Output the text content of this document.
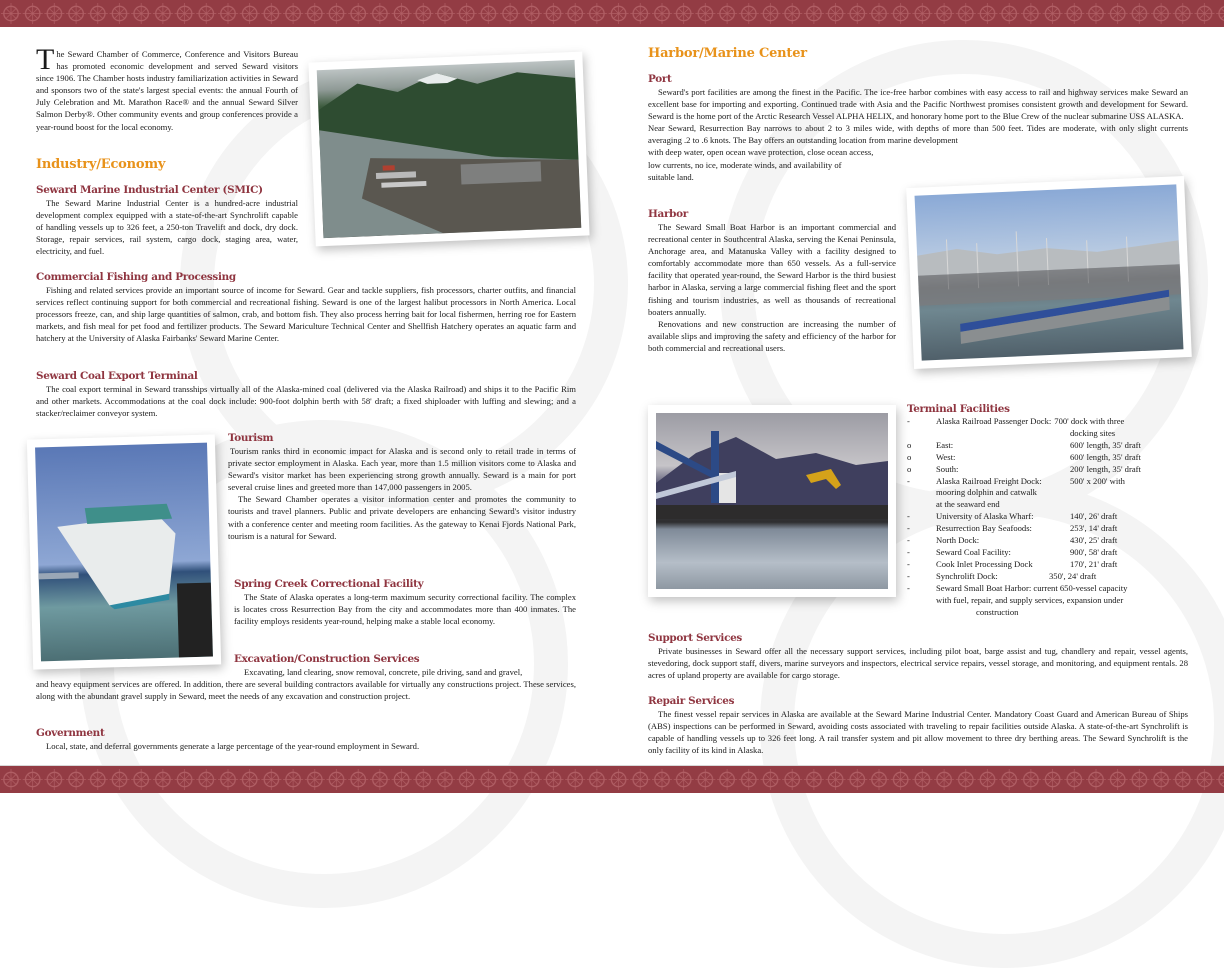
The Seward Chamber of Commerce, Conference and Visitors Bureau has promoted economic development and served Seward visitors since 1906. The Chamber hosts industry familiarization activities in Seward and sponsors two of the state's largest special events: the annual Fourth of July Celebration and Mt. Marathon Race® and the annual Seward Silver Salmon Derby®. Other community events and group conferences provide a year-round boost for the local economy.
Industry/Economy
Seward Marine Industrial Center (SMIC)

The Seward Marine Industrial Center is a hundred-acre industrial development complex equipped with a state-of-the-art Synchrolift capable of handling vessels up to 326 feet, a 250-ton Travelift and dock, dry dock. Storage, repair services, rail system, cargo dock, staging area, water, electricity, and fuel.

Commercial Fishing and Processing

Fishing and related services provide an important source of income for Seward. Gear and tackle suppliers, fish processors, charter outfits, and financial services reflect continuing support for both commercial and recreational fishing. Seward is one of the largest halibut processors in North America. Local processors freeze, can, and ship large quantities of salmon, crab, and bottom fish. They also process herring bait for local fishermen, herring roe for Eastern markets, and fish meal for pet food and fertilizer products. The Seward Mariculture Technical Center and Shellfish Hatchery operates an aquatic farm and hatchery at the University of Alaska Fairbanks' Seward Marine Center.

Seward Coal Export Terminal

The coal export terminal in Seward transships virtually all of the Alaska-mined coal (delivered via the Alaska Railroad) and ships it to the Pacific Rim and other markets. Accommodations at the coal dock include: 900-foot dolphin berth with 58' draft; a fixed shiploader with luffing and slewing; and a stacker/reclaimer conveyor system.

Tourism

Tourism ranks third in economic impact for Alaska and is second only to retail trade in terms of private sector employment in Alaska. Each year, more than 1.5 million visitors come to Alaska and Seward's visitor market has been experiencing strong growth annually. Seward is a main for port several cruise lines and greeted more than 147,000 passengers in 2005.

The Seward Chamber operates a visitor information center and promotes the community to tourists and travel planners. Public and private developers are enhancing Seward's visitor industry with a conference center and meeting room facilities. As the gateway to Kenai Fjords National Park, tourism is a natural for Seward.

Spring Creek Correctional Facility

The State of Alaska operates a long-term maximum security correctional facility. The complex is locates cross Resurrection Bay from the city and accommodates more than 400 inmates. The facility employs residents year-round, helping make a stable local economy.

Excavation/Construction Services

Excavating, land clearing, snow removal, concrete, pile driving, sand and gravel,

and heavy equipment services are offered. In addition, there are several building contractors available for virtually any constructions project. These services, along with the abundant gravel supply in Seward, meet the needs of any excavation and construction project.

Government

Local, state, and deferral governments generate a large percentage of the year-round employment in Seward.

Harbor/Marine Center
Port

Seward's port facilities are among the finest in the Pacific. The ice-free harbor combines with easy access to rail and highway services make Seward an excellent base for importing and exporting. Continued trade with Asia and the Pacific Northwest promises consistent growth and development for Seward. Seward is the home port of the Arctic Research Vessel ALPHA HELIX, and honorary home port to the Blue Crew of the nuclear submarine USS ALASKA.

Near Seward, Resurrection Bay narrows to about 2 to 3 miles wide, with depths of more than 500 feet. Tides are moderate, with only slight currents averaging .2 to .6 knots. The Bay offers an outstanding location from marine development

with deep water, open ocean wave protection, close ocean access,

low currents, no ice, moderate winds, and availability of

suitable land.

Harbor

The Seward Small Boat Harbor is an important commercial and recreational center in Southcentral Alaska, serving the Kenai Peninsula, Anchorage area, and Matanuska Valley with a facility designed to comfortably accommodate more than 650 vessels. As a full-service facility that operated year-round, the Seward Harbor is the third busiest harbor in Alaska, serving a large commercial fishing fleet and the sport fishing and tourism industries, as well as thousands of recreational boaters annually.

Renovations and new construction are increasing the number of available slips and improving the safety and efficiency of the harbor for both commercial and recreational users.

Terminal Facilities
-	Alaska Railroad Passenger Dock: 700' dock with three
docking sites
o	East:	600' length, 35' draft
o	West:	600' length, 35' draft
o	South:	200' length, 35' draft
-	Alaska Railroad Freight Dock:	500' x 200' with
mooring dolphin and catwalk
at the seaward end
-	University of Alaska Wharf:	140', 26' draft
-	Resurrection Bay Seafoods:	253', 14' draft
-	North Dock:	430', 25' draft
-	Seward Coal Facility:	900', 58' draft
-	Cook Inlet Processing Dock	170', 21' draft
-	Synchrolift Dock:	350', 24' draft
-	Seward Small Boat Harbor: current 650-vessel capacity
with fuel, repair, and supply services, expansion under
construction
Support Services

Private businesses in Seward offer all the necessary support services, including pilot boat, barge assist and tug, chandlery and repair, vessel agents, stevedoring, dock support staff, divers, marine surveyors and inspectors, electrical service repairs, vessel storage, and monitoring, and equipment rentals. 28 acres of upland property are available for cargo storage.

Repair Services

The finest vessel repair services in Alaska are available at the Seward Marine Industrial Center. Mandatory Coast Guard and American Bureau of Ships (ABS) inspections can be performed in Seward, avoiding costs associated with traveling to repair facilities outside Alaska. A state-of-the-art Synchrolift is capable of handling vessels up to 326 feet long. A rail transfer system and pit allow movement to three dry berthing areas. The Seward Synchrolift is the only facility of its kind in Alaska.
